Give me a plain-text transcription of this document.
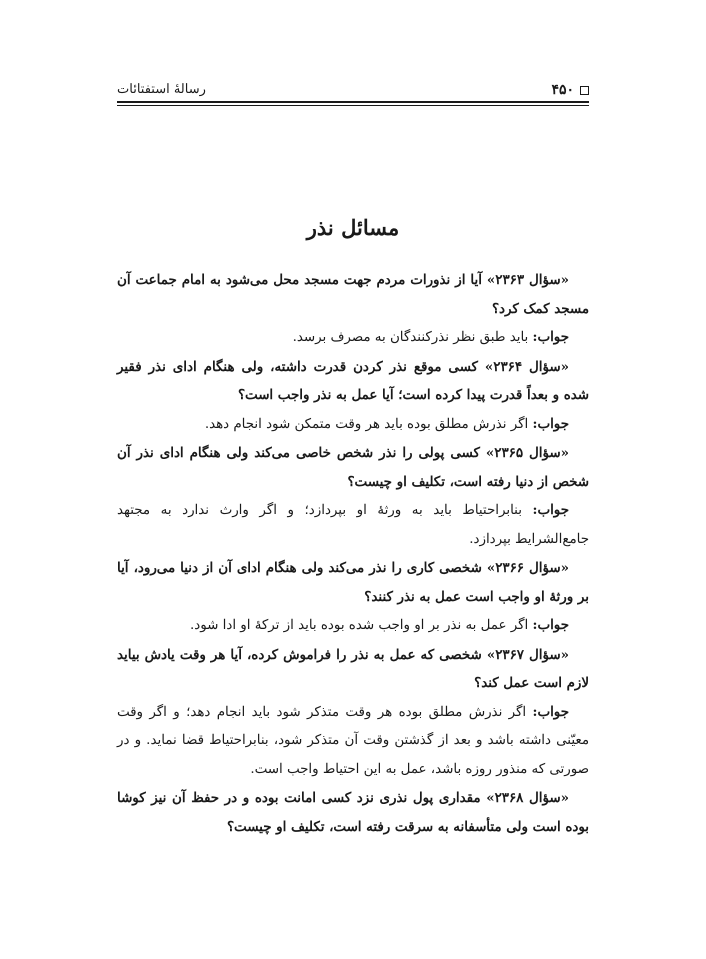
۴۵۰
رسالهٔ استفتائات
مسائل نذر

«سؤال ۲۳۶۳» آیا از نذورات مردم جهت مسجد محل می‌شود به امام جماعت آن مسجد کمک کرد؟

جواب: باید طبق نظر نذرکنندگان به مصرف برسد.

«سؤال ۲۳۶۴» کسی موقع نذر کردن قدرت داشته، ولی هنگام ادای نذر فقیر شده و بعداً قدرت پیدا کرده است؛ آیا عمل به نذر واجب است؟

جواب: اگر نذرش مطلق بوده باید هر وقت متمکن شود انجام دهد.

«سؤال ۲۳۶۵» کسی پولی را نذر شخص خاصی می‌کند ولی هنگام ادای نذر آن شخص از دنیا رفته است، تکلیف او چیست؟

جواب: بنابراحتیاط باید به ورثهٔ او بپردازد؛ و اگر وارث ندارد به مجتهد جامع‌الشرایط بپردازد.

«سؤال ۲۳۶۶» شخصی کاری را نذر می‌کند ولی هنگام ادای آن از دنیا می‌رود، آیا بر ورثهٔ او واجب است عمل به نذر کنند؟

جواب: اگر عمل به نذر بر او واجب شده بوده باید از ترکهٔ او ادا شود.

«سؤال ۲۳۶۷» شخصی که عمل به نذر را فراموش کرده، آیا هر وقت یادش بیاید لازم است عمل کند؟

جواب: اگر نذرش مطلق بوده هر وقت متذکر شود باید انجام دهد؛ و اگر وقت معیّنی داشته باشد و بعد از گذشتن وقت آن متذکر شود، بنابراحتیاط قضا نماید. و در صورتی که منذور روزه باشد، عمل به این احتیاط واجب است.

«سؤال ۲۳۶۸» مقداری پول نذری نزد کسی امانت بوده و در حفظ آن نیز کوشا بوده است ولی متأسفانه به سرقت رفته است، تکلیف او چیست؟
